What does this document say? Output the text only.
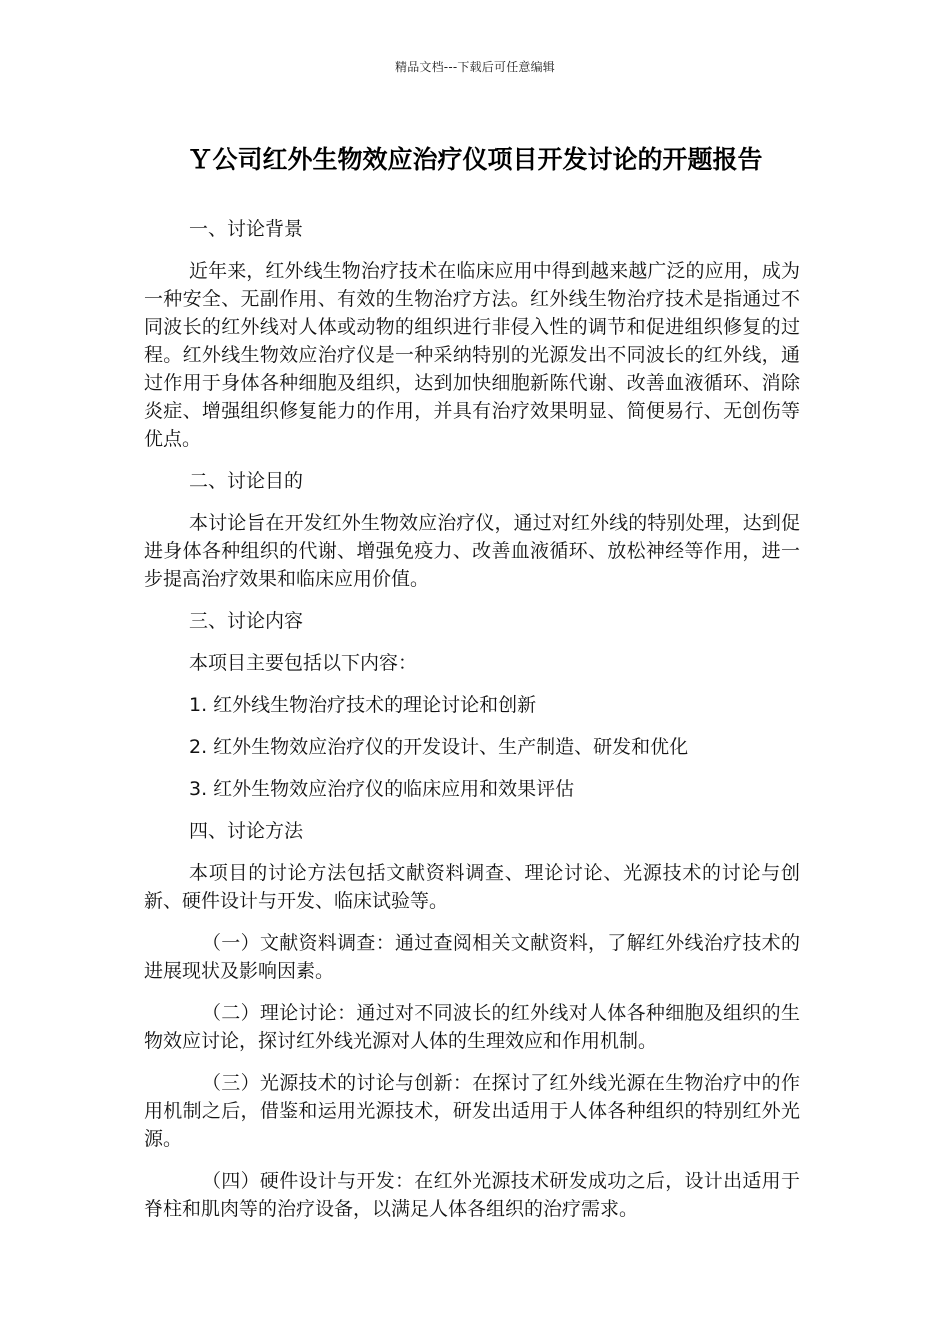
精品文档---下载后可任意编辑
Ｙ公司红外生物效应治疗仪项目开发讨论的开题报告

一、讨论背景

近年来，红外线生物治疗技术在临床应用中得到越来越广泛的应用，成为一种安全、无副作用、有效的生物治疗方法。红外线生物治疗技术是指通过不同波长的红外线对人体或动物的组织进行非侵入性的调节和促进组织修复的过程。红外线生物效应治疗仪是一种采纳特别的光源发出不同波长的红外线，通过作用于身体各种细胞及组织，达到加快细胞新陈代谢、改善血液循环、消除炎症、增强组织修复能力的作用，并具有治疗效果明显、简便易行、无创伤等优点。

二、讨论目的

本讨论旨在开发红外生物效应治疗仪，通过对红外线的特别处理，达到促进身体各种组织的代谢、增强免疫力、改善血液循环、放松神经等作用，进一步提高治疗效果和临床应用价值。

三、讨论内容

本项目主要包括以下内容：

1. 红外线生物治疗技术的理论讨论和创新

2. 红外生物效应治疗仪的开发设计、生产制造、研发和优化

3. 红外生物效应治疗仪的临床应用和效果评估

四、讨论方法

本项目的讨论方法包括文献资料调查、理论讨论、光源技术的讨论与创新、硬件设计与开发、临床试验等。

（一）文献资料调查：通过查阅相关文献资料，了解红外线治疗技术的进展现状及影响因素。

（二）理论讨论：通过对不同波长的红外线对人体各种细胞及组织的生物效应讨论，探讨红外线光源对人体的生理效应和作用机制。

（三）光源技术的讨论与创新：在探讨了红外线光源在生物治疗中的作用机制之后，借鉴和运用光源技术，研发出适用于人体各种组织的特别红外光源。

（四）硬件设计与开发：在红外光源技术研发成功之后，设计出适用于脊柱和肌肉等的治疗设备，以满足人体各组织的治疗需求。
